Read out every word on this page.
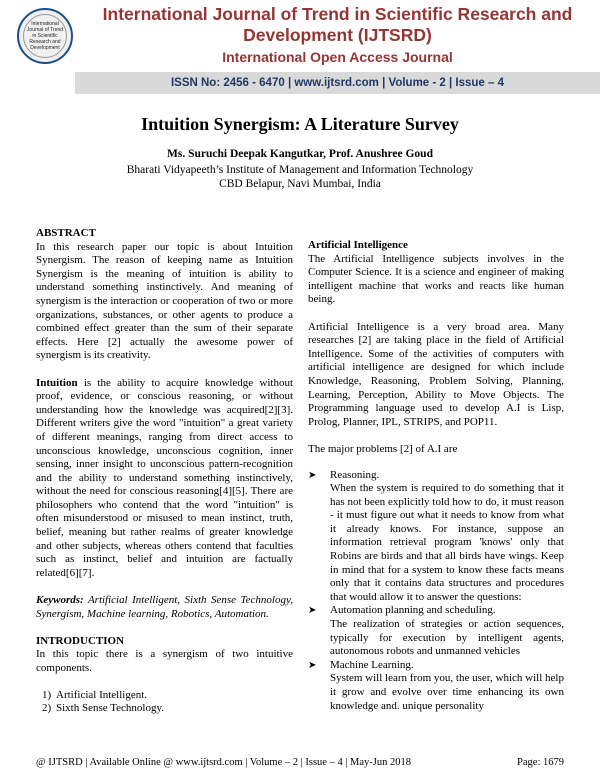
International Journal of Trend in Scientific Research and Development
International Journal of Trend in Scientific Research and Development (IJTSRD)
International Open Access Journal
ISSN No: 2456 - 6470 | www.ijtsrd.com | Volume - 2 | Issue – 4
Intuition Synergism: A Literature Survey
Ms. Suruchi Deepak Kangutkar, Prof. Anushree Goud
Bharati Vidyapeeth’s Institute of Management and Information Technology
CBD Belapur, Navi Mumbai, India
ABSTRACT

In this research paper our topic is about Intuition Synergism. The reason of keeping name as Intuition Synergism is the meaning of intuition is ability to understand something instinctively. And meaning of synergism is the interaction or cooperation of two or more organizations, substances, or other agents to produce a combined effect greater than the sum of their separate effects. Here [2] actually the awesome power of synergism is its creativity.

Intuition is the ability to acquire knowledge without proof, evidence, or conscious reasoning, or without understanding how the knowledge was acquired[2][3]. Different writers give the word "intuition" a great variety of different meanings, ranging from direct access to unconscious knowledge, unconscious cognition, inner sensing, inner insight to unconscious pattern-recognition and the ability to understand something instinctively, without the need for conscious reasoning[4][5]. There are philosophers who contend that the word "intuition" is often misunderstood or misused to mean instinct, truth, belief, meaning but rather realms of greater knowledge and other subjects, whereas others contend that faculties such as instinct, belief and intuition are factually related[6][7].

Keywords: Artificial Intelligent, Sixth Sense Technology, Synergism, Machine learning, Robotics, Automation.

INTRODUCTION

In this topic there is a synergism of two intuitive components.

1) Artificial Intelligent.
2) Sixth Sense Technology.
Artificial Intelligence

The Artificial Intelligence subjects involves in the Computer Science. It is a science and engineer of making intelligent machine that works and reacts like human being.

Artificial Intelligence is a very broad area. Many researches [2] are taking place in the field of Artificial Intelligence. Some of the activities of computers with artificial intelligence are designed for which include Knowledge, Reasoning, Problem Solving, Planning, Learning, Perception, Ability to Move Objects. The Programming language used to develop A.I is Lisp, Prolog, Planner, IPL, STRIPS, and POP11.

The major problems [2] of A.I are

➤	Reasoning.
When the system is required to do something that it has not been explicitly told how to do, it must reason - it must figure out what it needs to know from what it already knows. For instance, suppose an information retrieval program 'knows' only that Robins are birds and that all birds have wings. Keep in mind that for a system to know these facts means only that it contains data structures and procedures that would allow it to answer the questions:
➤	Automation planning and scheduling.
The realization of strategies or action sequences, typically for execution by intelligent agents, autonomous robots and unmanned vehicles
➤	Machine Learning.
System will learn from you, the user, which will help it grow and evolve over time enhancing its own knowledge and. unique personality
@ IJTSRD | Available Online @ www.ijtsrd.com | Volume – 2 | Issue – 4 | May-Jun 2018	Page: 1679
